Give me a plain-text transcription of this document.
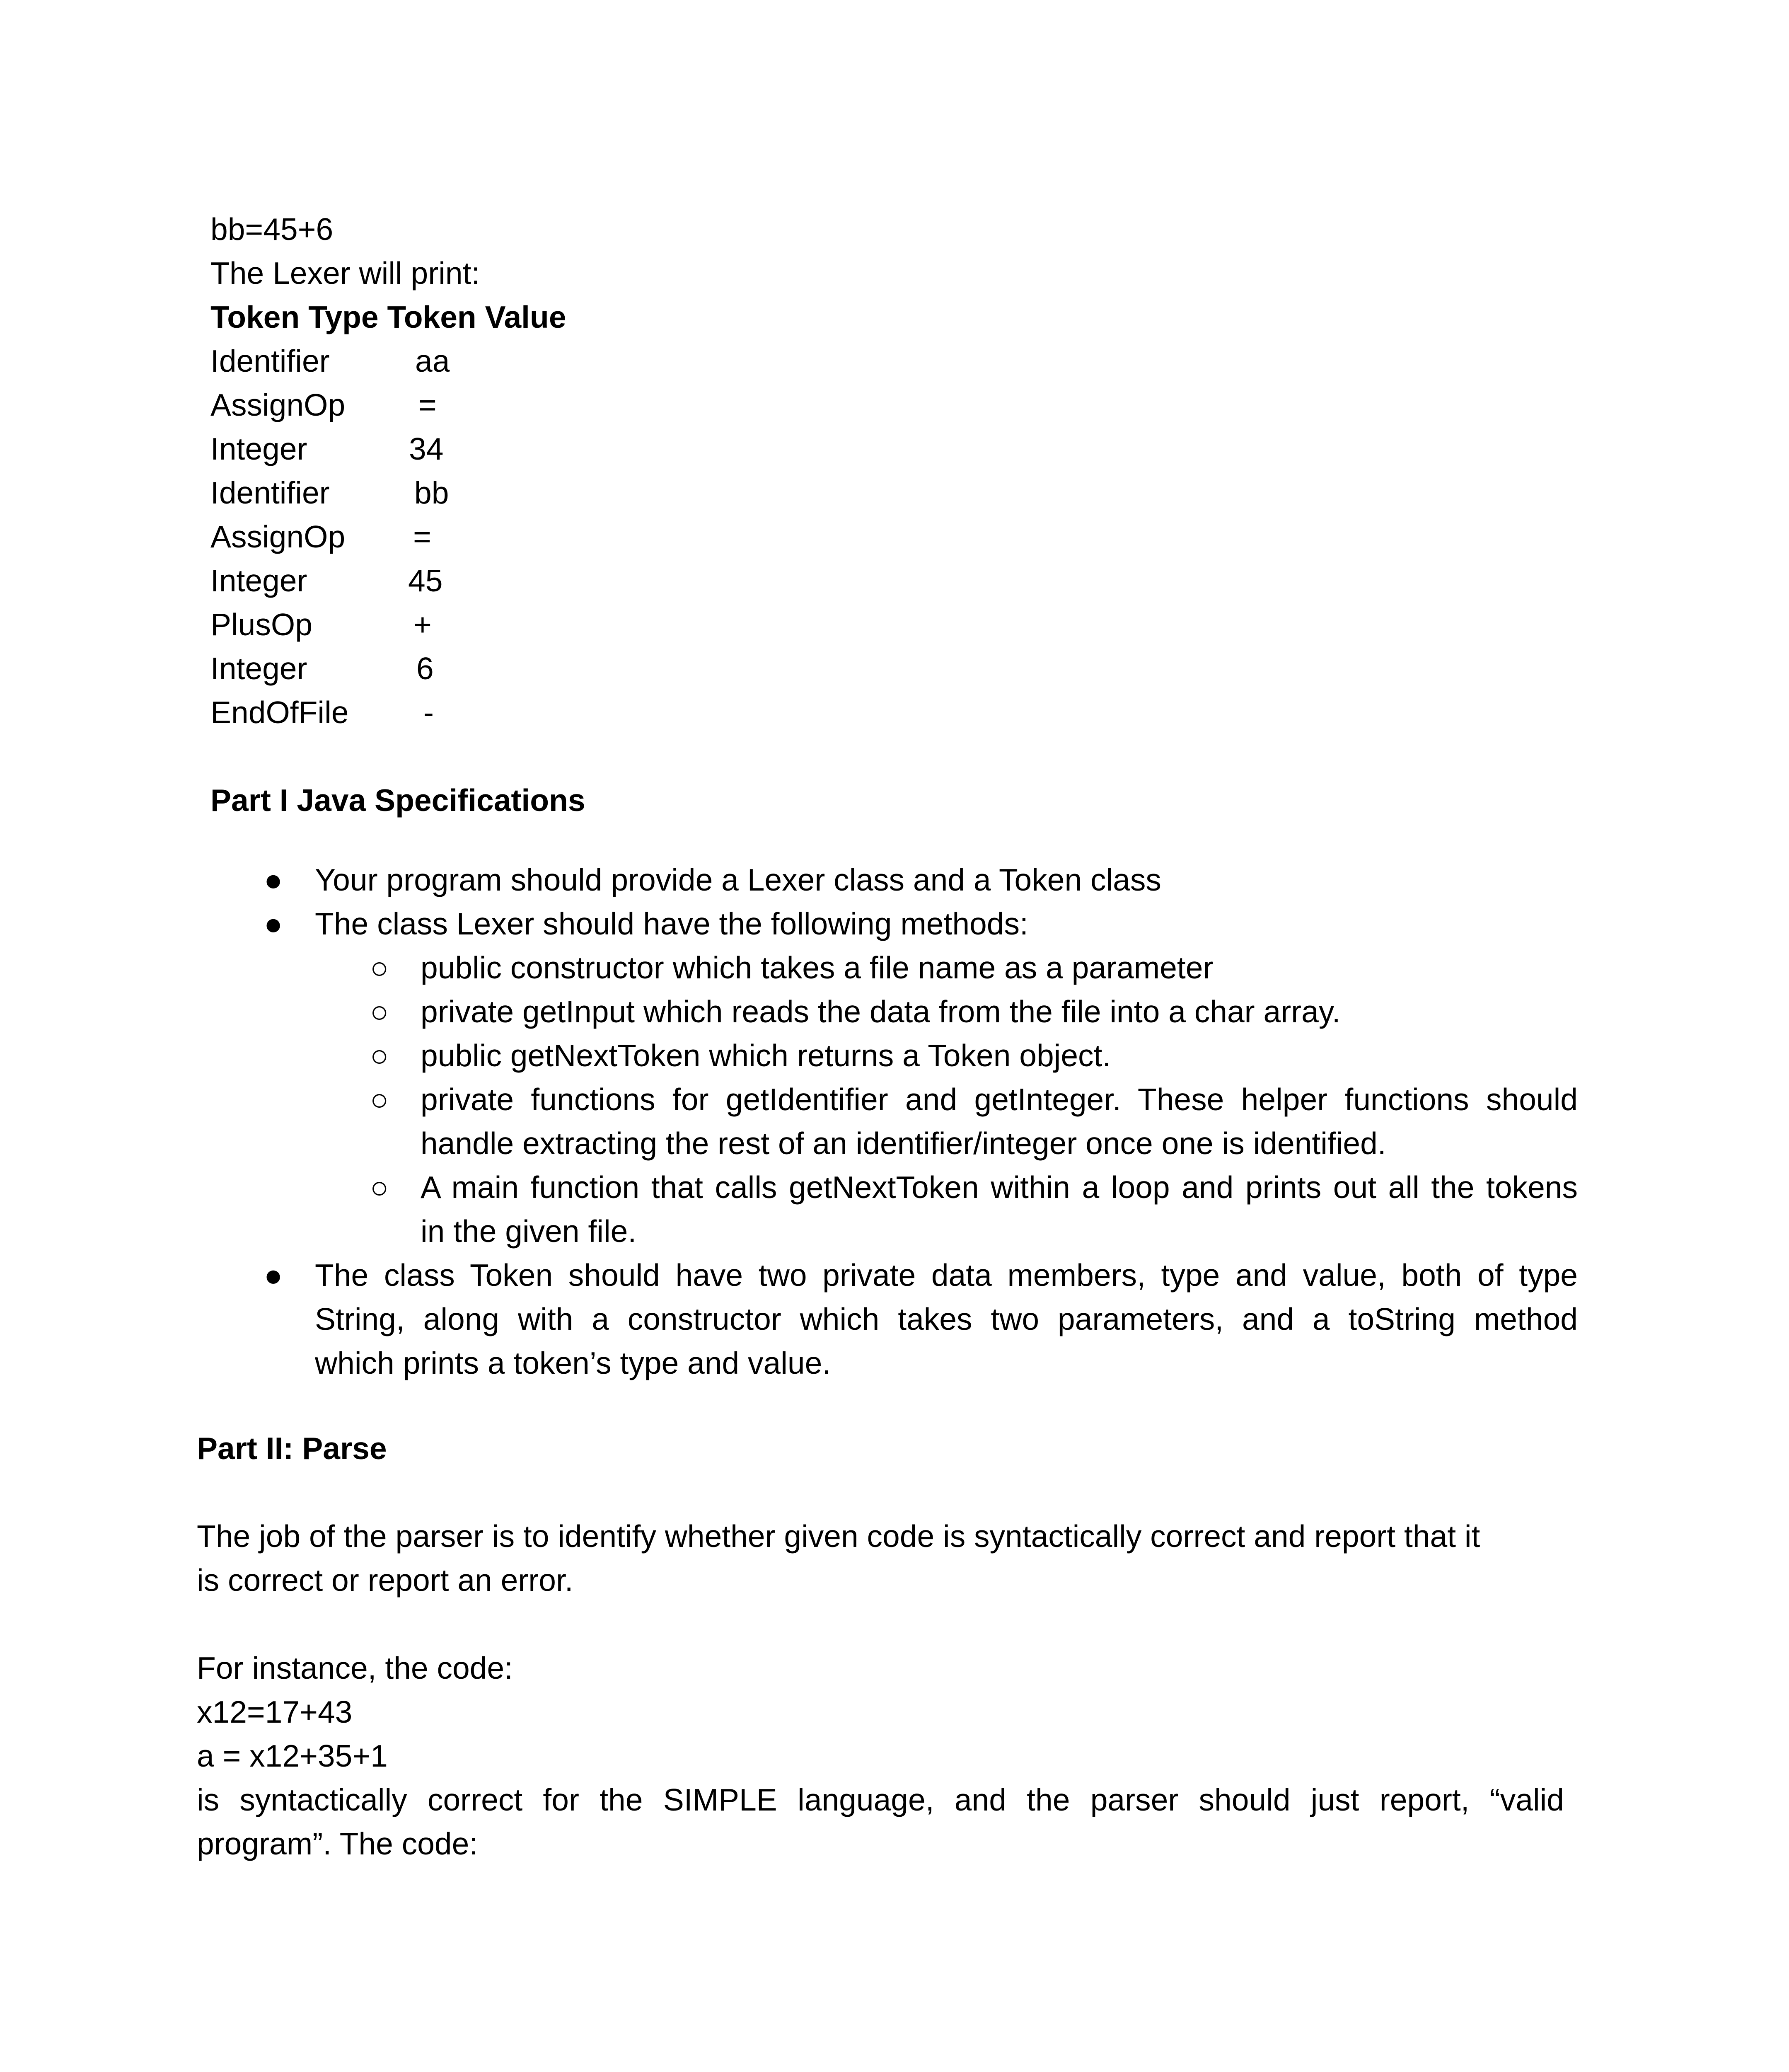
bb=45+6
The Lexer will print:
Token Type Token Value
Identifier	aa
AssignOp =
Integer	34
Identifier	bb
AssignOp =
Integer	45
PlusOp	+
Integer	6
EndOfFile -
Part I Java Specifications
● Your program should provide a Lexer class and a Token class
● The class Lexer should have the following methods:
○ public constructor which takes a file name as a parameter
○ private getInput which reads the data from the file into a char array.
○ public getNextToken which returns a Token object.
○ private functions for getIdentifier and getInteger. These helper functions should
handle extracting the rest of an identifier/integer once one is identified.
○ A main function that calls getNextToken within a loop and prints out all the tokens
in the given file.
● The class Token should have two private data members, type and value, both of type
String, along with a constructor which takes two parameters, and a toString method
which prints a token’s type and value.
Part II: Parse
The job of the parser is to identify whether given code is syntactically correct and report that it
is correct or report an error.
For instance, the code:
x12=17+43
a = x12+35+1
is syntactically correct for the SIMPLE language, and the parser should just report, “valid
program”. The code:
